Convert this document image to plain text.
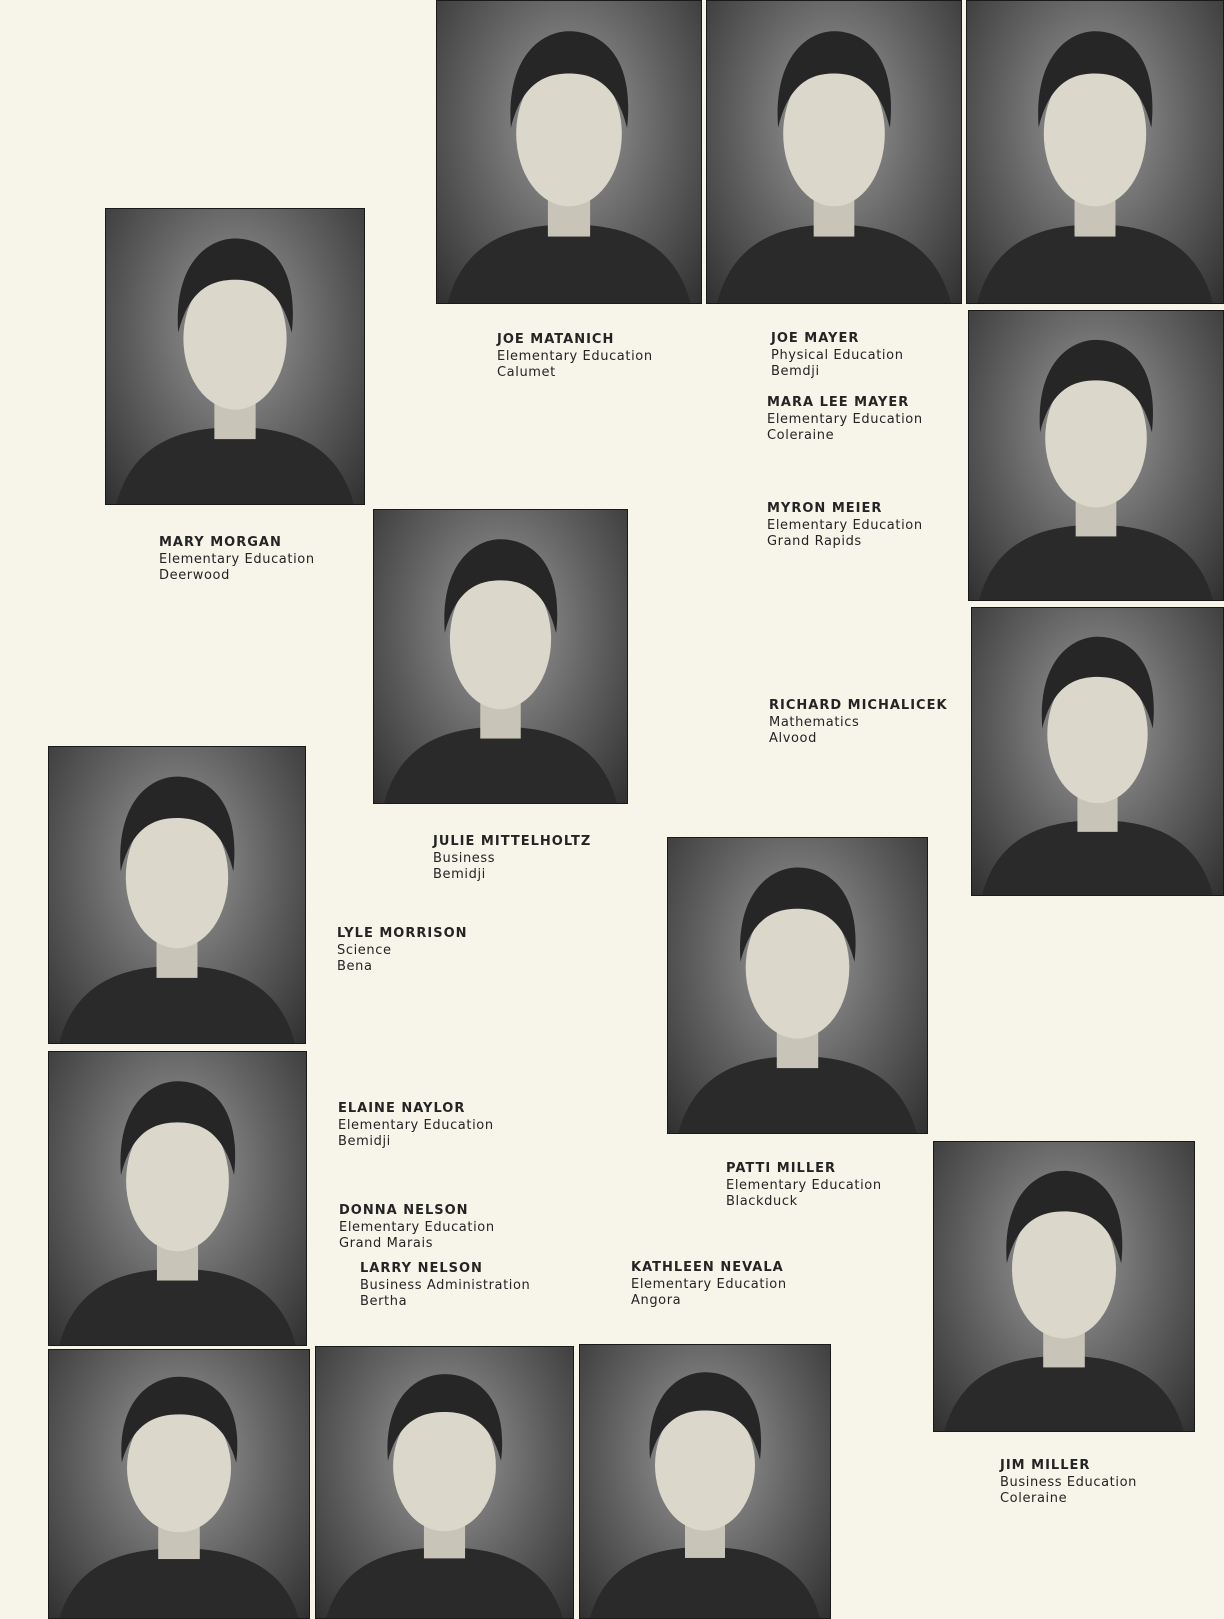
JOE MATANICH
Elementary Education
Calumet
JOE MAYER
Physical Education
Bemdji
MARA LEE MAYER
Elementary Education
Coleraine
MARY MORGAN
Elementary Education
Deerwood
MYRON MEIER
Elementary Education
Grand Rapids
RICHARD MICHALICEK
Mathematics
Alvood
JULIE MITTELHOLTZ
Business
Bemidji
LYLE MORRISON
Science
Bena
ELAINE NAYLOR
Elementary Education
Bemidji
PATTI MILLER
Elementary Education
Blackduck
DONNA NELSON
Elementary Education
Grand Marais
LARRY NELSON
Business Administration
Bertha
KATHLEEN NEVALA
Elementary Education
Angora
JIM MILLER
Business Education
Coleraine
